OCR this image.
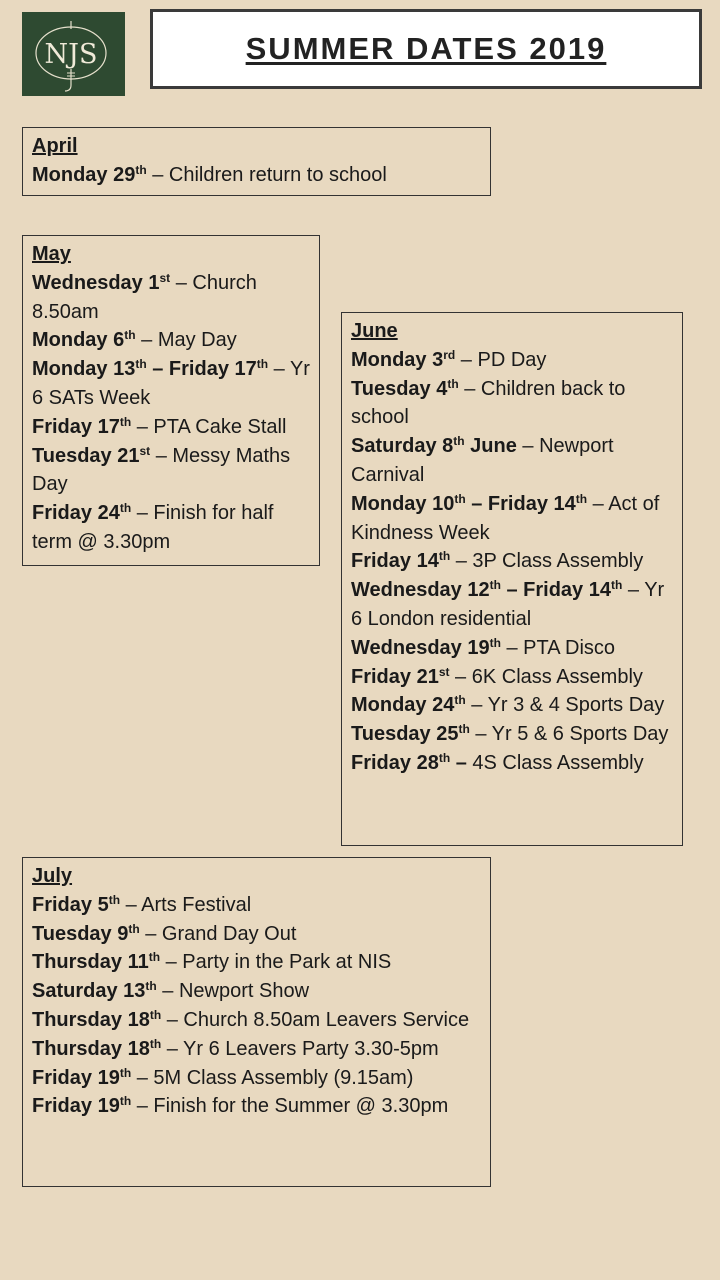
NJS	SUMMER DATES 2019
April

Monday 29th – Children return to school

May

Wednesday 1st – Church 8.50am

Monday 6th – May Day

Monday 13th – Friday 17th – Yr 6 SATs Week

Friday 17th – PTA Cake Stall

Tuesday 21st – Messy Maths Day

Friday 24th – Finish for half term @ 3.30pm

June

Monday 3rd – PD Day

Tuesday 4th – Children back to school

Saturday 8th June – Newport Carnival

Monday 10th – Friday 14th – Act of Kindness Week

Friday 14th – 3P Class Assembly

Wednesday 12th – Friday 14th – Yr 6 London residential

Wednesday 19th – PTA Disco

Friday 21st – 6K Class Assembly

Monday 24th – Yr 3 & 4 Sports Day

Tuesday 25th – Yr 5 & 6 Sports Day

Friday 28th – 4S Class Assembly

July

Friday 5th – Arts Festival

Tuesday 9th – Grand Day Out

Thursday 11th – Party in the Park at NIS

Saturday 13th – Newport Show

Thursday 18th – Church 8.50am Leavers Service

Thursday 18th – Yr 6 Leavers Party 3.30-5pm

Friday 19th – 5M Class Assembly (9.15am)

Friday 19th – Finish for the Summer @ 3.30pm
